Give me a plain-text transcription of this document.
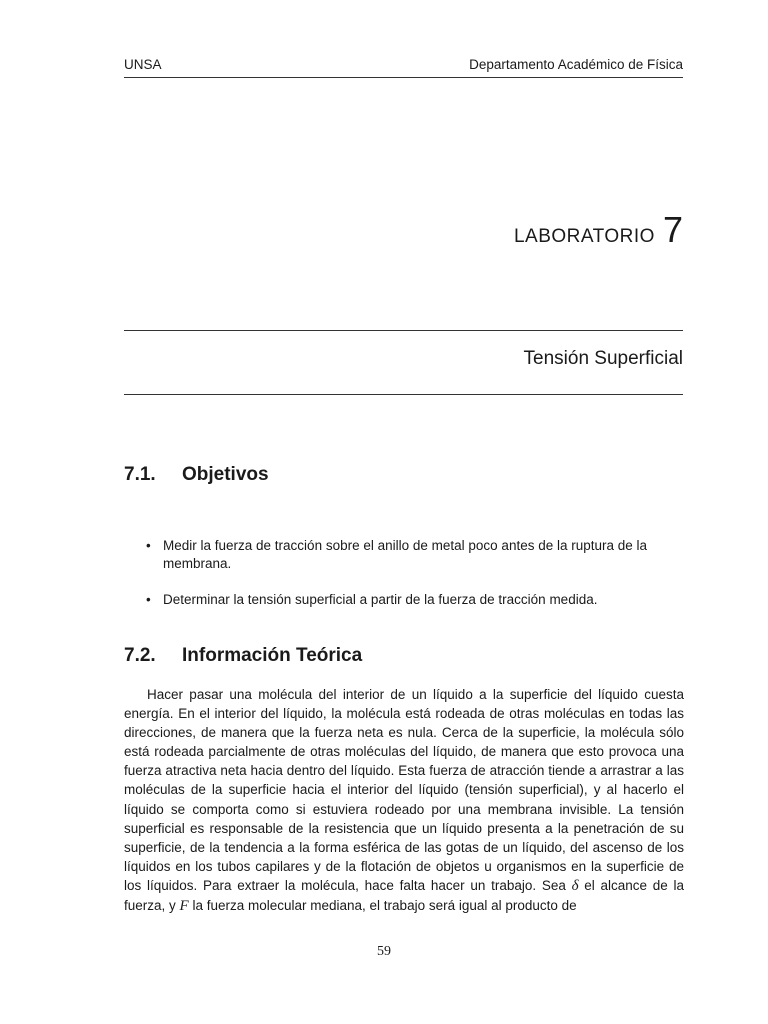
UNSA	Departamento Académico de Física
LABORATORIO 7
Tensión Superficial
7.1.	Objetivos
• Medir la fuerza de tracción sobre el anillo de metal poco antes de la ruptura de la membrana.
• Determinar la tensión superficial a partir de la fuerza de tracción medida.
7.2.	Información Teórica

Hacer pasar una molécula del interior de un líquido a la superficie del líquido cuesta energía. En el interior del líquido, la molécula está rodeada de otras moléculas en todas las direcciones, de manera que la fuerza neta es nula. Cerca de la superficie, la molécula sólo está rodeada parcialmente de otras moléculas del líquido, de manera que esto provoca una fuerza atractiva neta hacia dentro del líquido. Esta fuerza de atracción tiende a arrastrar a las moléculas de la superficie hacia el interior del líquido (tensión superficial), y al hacerlo el líquido se comporta como si estuviera rodeado por una membrana invisible. La tensión superficial es responsable de la resistencia que un líquido presenta a la penetración de su superficie, de la tendencia a la forma esférica de las gotas de un líquido, del ascenso de los líquidos en los tubos capilares y de la flotación de objetos u organismos en la superficie de los líquidos. Para extraer la molécula, hace falta hacer un trabajo. Sea δ el alcance de la fuerza, y F la fuerza molecular mediana, el trabajo será igual al producto de

59
